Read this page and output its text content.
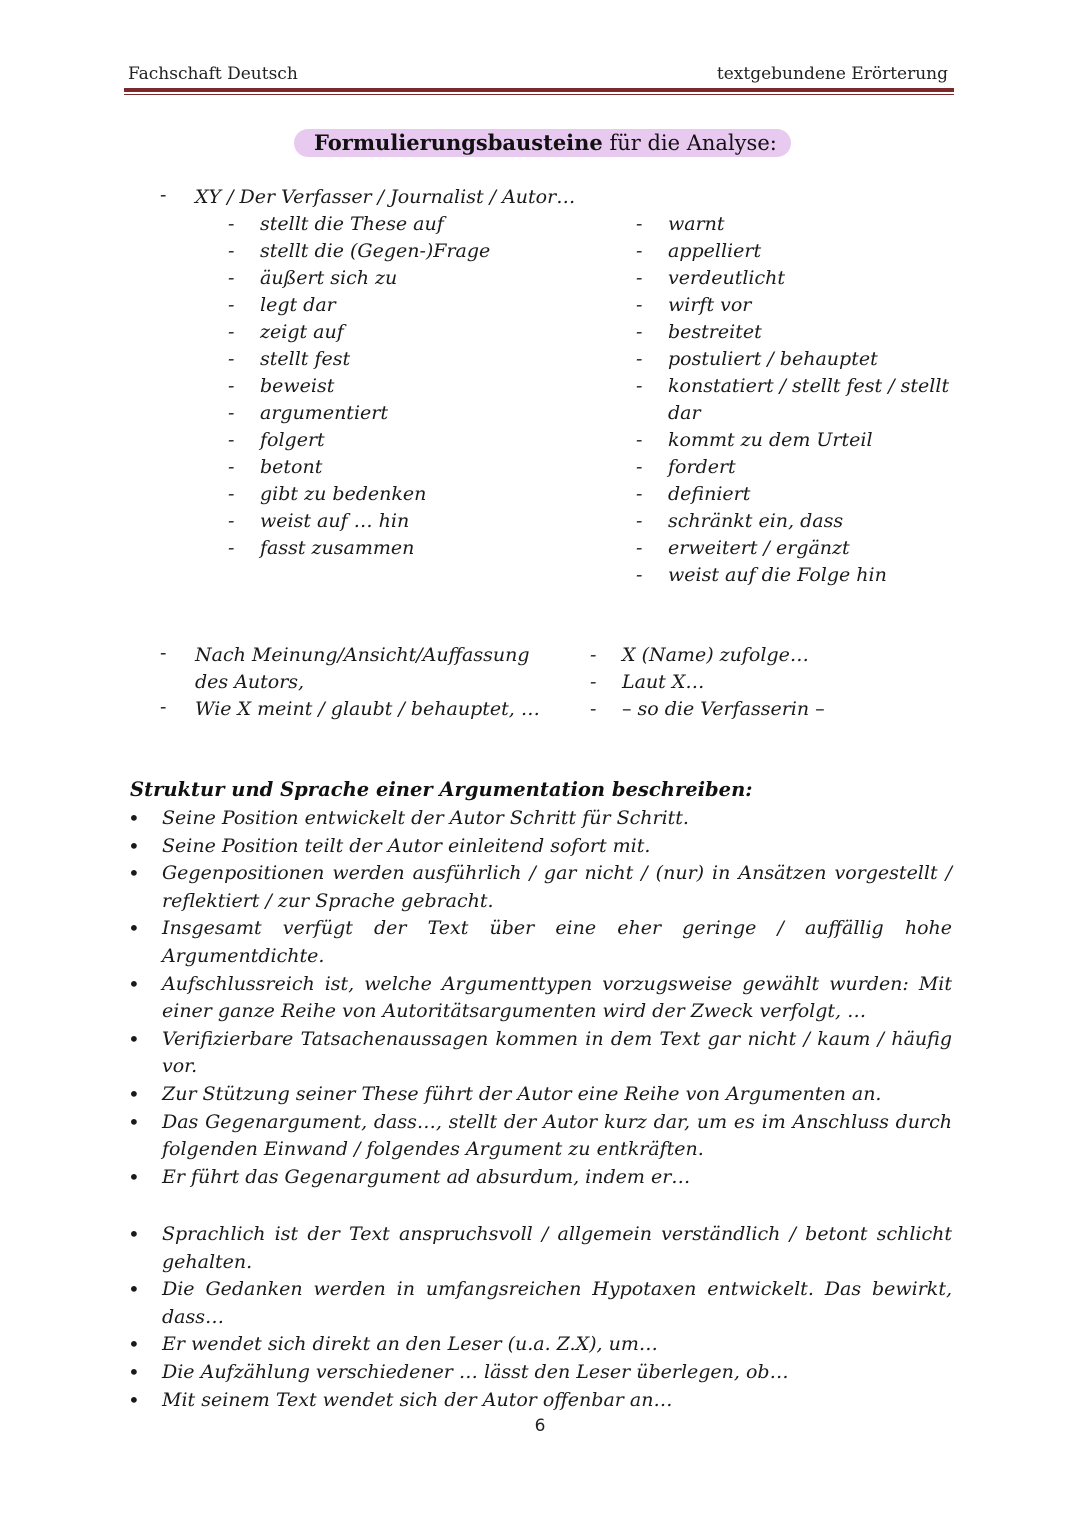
Fachschaft Deutsch	textgebundene Erörterung
Formulierungsbausteine für die Analyse:
- XY / Der Verfasser / Journalist / Autor…
- stellt die These auf
- stellt die (Gegen-)Frage
- äußert sich zu
- legt dar
- zeigt auf
- stellt fest
- beweist
- argumentiert
- folgert
- betont
- gibt zu bedenken
- weist auf … hin
- fasst zusammen
- warnt
- appelliert
- verdeutlicht
- wirft vor
- bestreitet
- postuliert / behauptet
- konstatiert / stellt fest / stellt
dar
- kommt zu dem Urteil
- fordert
- definiert
- schränkt ein, dass
- erweitert / ergänzt
- weist auf die Folge hin
- Nach Meinung/Ansicht/Auffassung
des Autors,
- Wie X meint / glaubt / behauptet, …
- X (Name) zufolge…
- Laut X…
- – so die Verfasserin –
Struktur und Sprache einer Argumentation beschreiben:
• Seine Position entwickelt der Autor Schritt für Schritt.
• Seine Position teilt der Autor einleitend sofort mit.
• Gegenpositionen werden ausführlich / gar nicht / (nur) in Ansätzen vorgestellt / reflektiert / zur Sprache gebracht.
• Insgesamt verfügt der Text über eine eher geringe / auffällig hohe Argumentdichte.
• Aufschlussreich ist, welche Argumenttypen vorzugsweise gewählt wurden: Mit einer ganze Reihe von Autoritätsargumenten wird der Zweck verfolgt, …
• Verifizierbare Tatsachenaussagen kommen in dem Text gar nicht / kaum / häufig vor.
• Zur Stützung seiner These führt der Autor eine Reihe von Argumenten an.
• Das Gegenargument, dass…, stellt der Autor kurz dar, um es im Anschluss durch folgenden Einwand / folgendes Argument zu entkräften.
• Er führt das Gegenargument ad absurdum, indem er…
• Sprachlich ist der Text anspruchsvoll / allgemein verständlich / betont schlicht gehalten.
• Die Gedanken werden in umfangsreichen Hypotaxen entwickelt. Das bewirkt, dass…
• Er wendet sich direkt an den Leser (u.a. Z.X), um…
• Die Aufzählung verschiedener … lässt den Leser überlegen, ob…
• Mit seinem Text wendet sich der Autor offenbar an…
6
